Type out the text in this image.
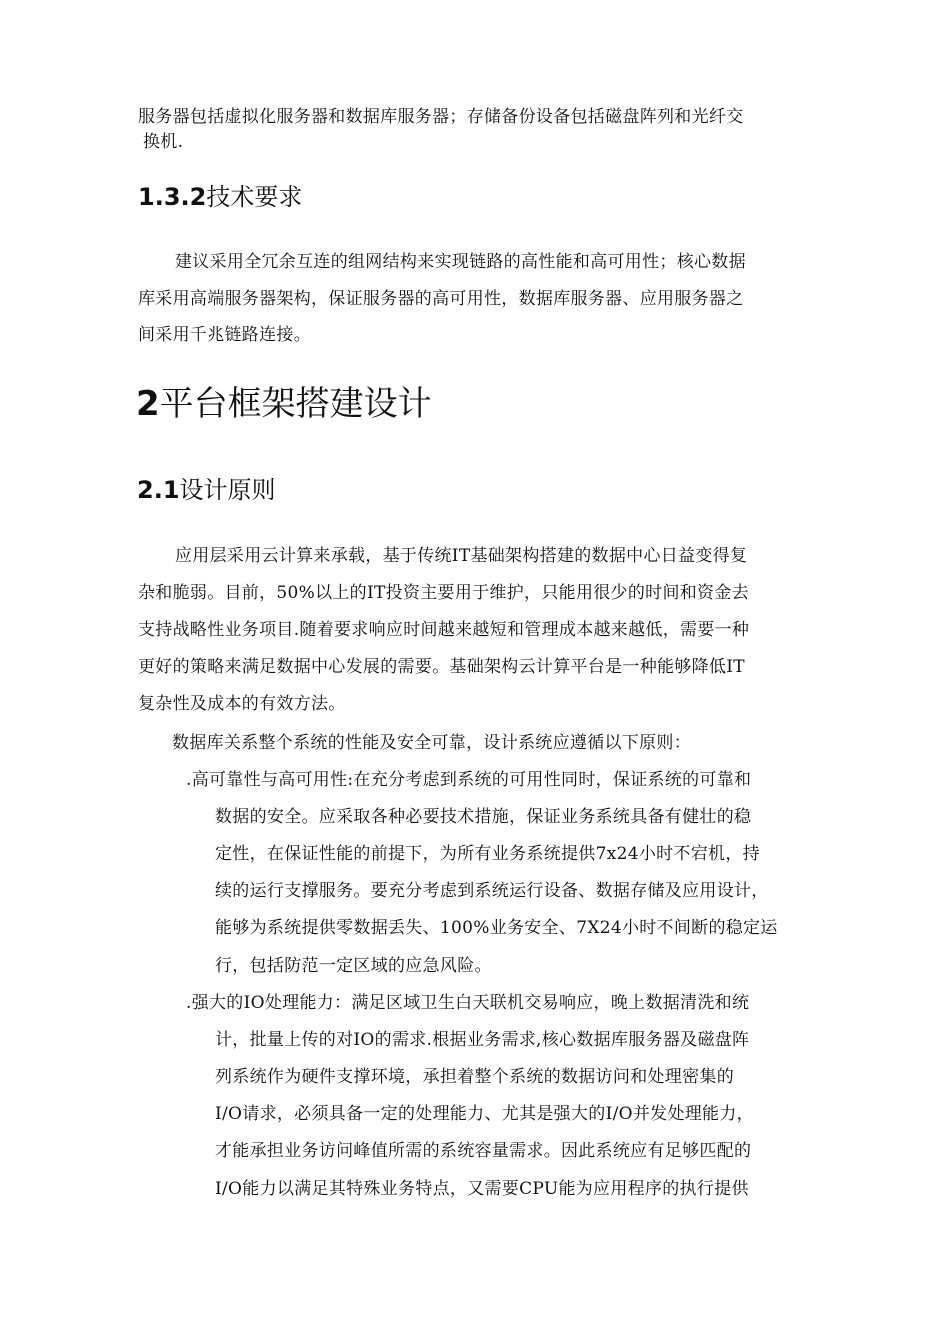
服务器包括虚拟化服务器和数据库服务器；存储备份设备包括磁盘阵列和光纤交
换机.
1.3.2技术要求
建议采用全冗余互连的组网结构来实现链路的高性能和高可用性；核心数据
库采用高端服务器架构，保证服务器的高可用性，数据库服务器、应用服务器之
间采用千兆链路连接。
2平台框架搭建设计
2.1设计原则
应用层采用云计算来承载，基于传统IT基础架构搭建的数据中心日益变得复
杂和脆弱。目前，50%以上的IT投资主要用于维护，只能用很少的时间和资金去
支持战略性业务项目.随着要求响应时间越来越短和管理成本越来越低，需要一种
更好的策略来满足数据中心发展的需要。基础架构云计算平台是一种能够降低IT
复杂性及成本的有效方法。
数据库关系整个系统的性能及安全可靠，设计系统应遵循以下原则：
.高可靠性与高可用性:在充分考虑到系统的可用性同时，保证系统的可靠和
数据的安全。应采取各种必要技术措施，保证业务系统具备有健壮的稳
定性，在保证性能的前提下，为所有业务系统提供7x24小时不宕机，持
续的运行支撑服务。要充分考虑到系统运行设备、数据存储及应用设计，
能够为系统提供零数据丢失、100%业务安全、7X24小时不间断的稳定运
行，包括防范一定区域的应急风险。
.强大的IO处理能力：满足区域卫生白天联机交易响应，晚上数据清洗和统
计，批量上传的对IO的需求.根据业务需求,核心数据库服务器及磁盘阵
列系统作为硬件支撑环境，承担着整个系统的数据访问和处理密集的
I/O请求，必须具备一定的处理能力、尤其是强大的I/O并发处理能力，
才能承担业务访问峰值所需的系统容量需求。因此系统应有足够匹配的
I/O能力以满足其特殊业务特点，又需要CPU能为应用程序的执行提供
